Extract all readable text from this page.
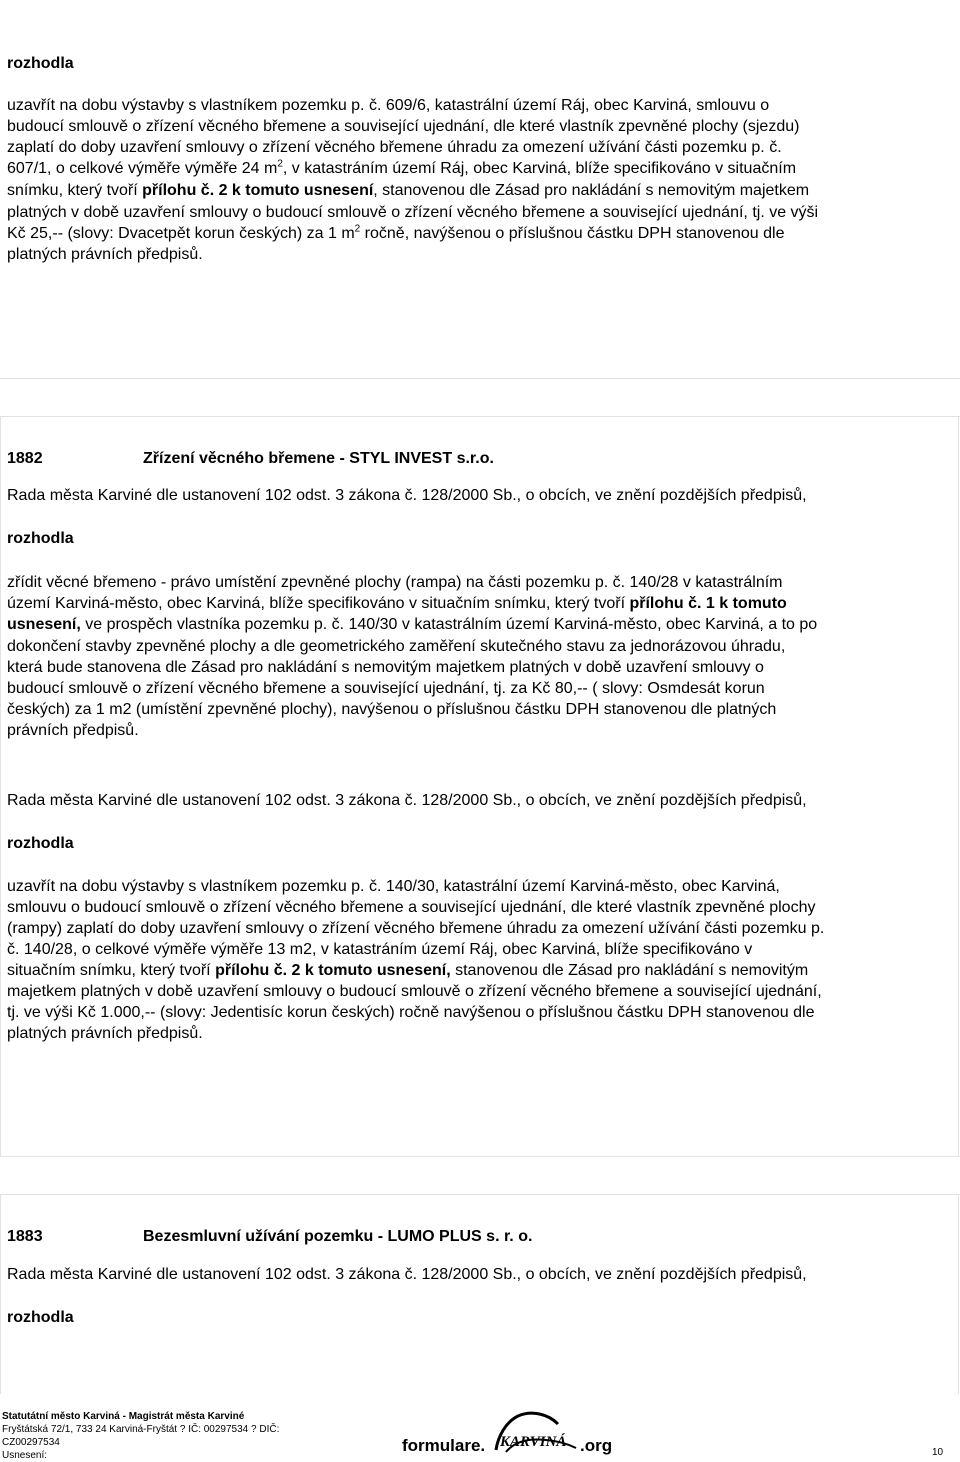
rozhodla
uzavřít na dobu výstavby s vlastníkem pozemku p. č. 609/6, katastrální území Ráj, obec Karviná, smlouvu o
budoucí smlouvě o zřízení věcného břemene a související ujednání, dle které vlastník zpevněné plochy (sjezdu)
zaplatí do doby uzavření smlouvy o zřízení věcného břemene úhradu za omezení užívání části pozemku p. č.
607/1, o celkové výměře výměře 24 $m^2$, v katastráním území Ráj, obec Karviná, blíže specifikováno v situačním
snímku, který tvoří přílohu č. 2 k tomuto usnesení, stanovenou dle Zásad pro nakládání s nemovitým majetkem
platných v době uzavření smlouvy o budoucí smlouvě o zřízení věcného břemene a související ujednání, tj. ve výši
Kč 25,-- (slovy: Dvacetpět korun českých) za 1 $m^2$ ročně, navýšenou o příslušnou částku DPH stanovenou dle
platných právních předpisů.
1882	Zřízení věcného břemene - STYL INVEST s.r.o.
Rada města Karviné dle ustanovení 102 odst. 3 zákona č. 128/2000 Sb., o obcích, ve znění pozdějších předpisů,
rozhodla
zřídit věcné břemeno - právo umístění zpevněné plochy (rampa) na části pozemku p. č. 140/28 v katastrálním
území Karviná-město, obec Karviná, blíže specifikováno v situačním snímku, který tvoří přílohu č. 1 k tomuto
usnesení, ve prospěch vlastníka pozemku p. č. 140/30 v katastrálním území Karviná-město, obec Karviná, a to po
dokončení stavby zpevněné plochy a dle geometrického zaměření skutečného stavu za jednorázovou úhradu,
která bude stanovena dle Zásad pro nakládání s nemovitým majetkem platných v době uzavření smlouvy o
budoucí smlouvě o zřízení věcného břemene a související ujednání, tj. za Kč 80,-- ( slovy: Osmdesát korun
českých) za 1 m2 (umístění zpevněné plochy), navýšenou o příslušnou částku DPH stanovenou dle platných
právních předpisů.
Rada města Karviné dle ustanovení 102 odst. 3 zákona č. 128/2000 Sb., o obcích, ve znění pozdějších předpisů,
rozhodla
uzavřít na dobu výstavby s vlastníkem pozemku p. č. 140/30, katastrální území Karviná-město, obec Karviná,
smlouvu o budoucí smlouvě o zřízení věcného břemene a související ujednání, dle které vlastník zpevněné plochy
(rampy) zaplatí do doby uzavření smlouvy o zřízení věcného břemene úhradu za omezení užívání části pozemku p.
č. 140/28, o celkové výměře výměře 13 m2, v katastráním území Ráj, obec Karviná, blíže specifikováno v
situačním snímku, který tvoří přílohu č. 2 k tomuto usnesení, stanovenou dle Zásad pro nakládání s nemovitým
majetkem platných v době uzavření smlouvy o budoucí smlouvě o zřízení věcného břemene a související ujednání,
tj. ve výši Kč 1.000,-- (slovy: Jedentisíc korun českých) ročně navýšenou o příslušnou částku DPH stanovenou dle
platných právních předpisů.
1883	Bezesmluvní užívání pozemku - LUMO PLUS s. r. o.
Rada města Karviné dle ustanovení 102 odst. 3 zákona č. 128/2000 Sb., o obcích, ve znění pozdějších předpisů,
rozhodla
Statutátní město Karviná - Magistrát města Karviné
Fryštátská 72/1, 733 24 Karviná-Fryštát ? IČ: 00297534 ? DIČ:
CZ00297534
Usnesení:
formulare. KARVINÁ .org	10
